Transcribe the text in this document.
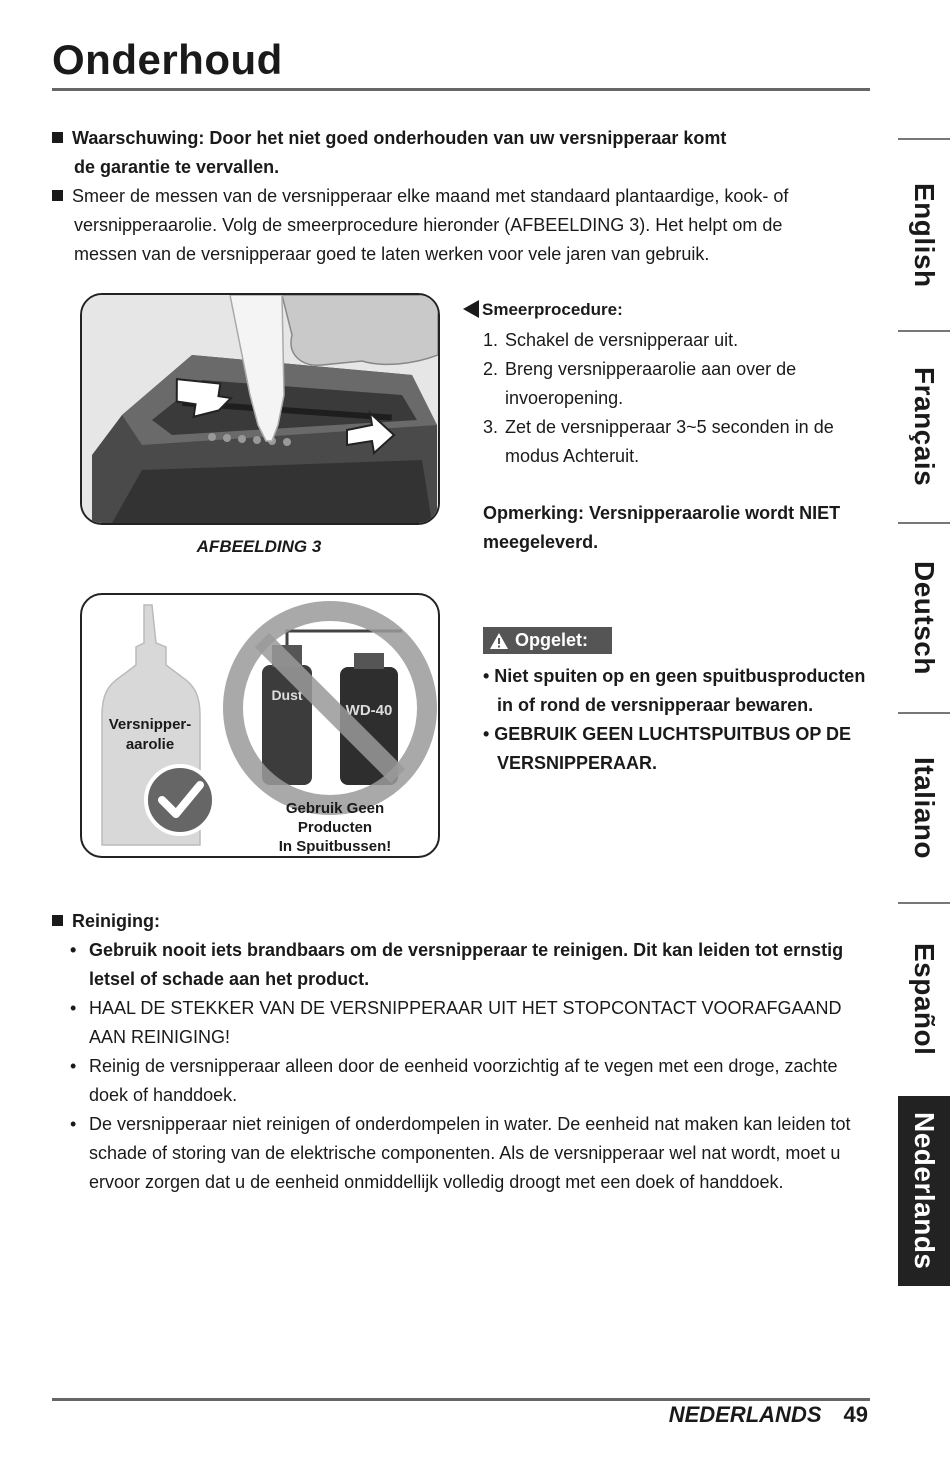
Onderhoud
Waarschuwing: Door het niet goed onderhouden van uw versnipperaar komt
de garantie te vervallen.
Smeer de messen van de versnipperaar elke maand met standaard plantaardige, kook- of
versnipperaarolie. Volg de smeerprocedure hieronder (AFBEELDING 3). Het helpt om de
messen van de versnipperaar goed te laten werken voor vele jaren van gebruik.
AFBEELDING 3
Dust
WD-40
Versnipper-
aarolie
Gebruik Geen
Producten
In Spuitbussen!
Smeerprocedure:
1. Schakel de versnipperaar uit.
2. Breng versnipperaarolie aan over de invoeropening.
3. Zet de versnipperaar 3~5 seconden in de modus Achteruit.
Opmerking: Versnipperaarolie wordt NIET meegeleverd.
Opgelet:
• Niet spuiten op en geen spuitbusproducten in of rond de versnipperaar bewaren.
• GEBRUIK GEEN LUCHTSPUITBUS OP DE VERSNIPPERAAR.
Reiniging:
• Gebruik nooit iets brandbaars om de versnipperaar te reinigen. Dit kan leiden tot ernstig letsel of schade aan het product.
• HAAL DE STEKKER VAN DE VERSNIPPERAAR UIT HET STOPCONTACT VOORAFGAAND AAN REINIGING!
• Reinig de versnipperaar alleen door de eenheid voorzichtig af te vegen met een droge, zachte doek of handdoek.
• De versnipperaar niet reinigen of onderdompelen in water. De eenheid nat maken kan leiden tot schade of storing van de elektrische componenten. Als de versnipperaar wel nat wordt, moet u ervoor zorgen dat u de eenheid onmiddellijk volledig droogt met een doek of handdoek.
English
Français
Deutsch
Italiano
Español
Nederlands
NEDERLANDS 49
